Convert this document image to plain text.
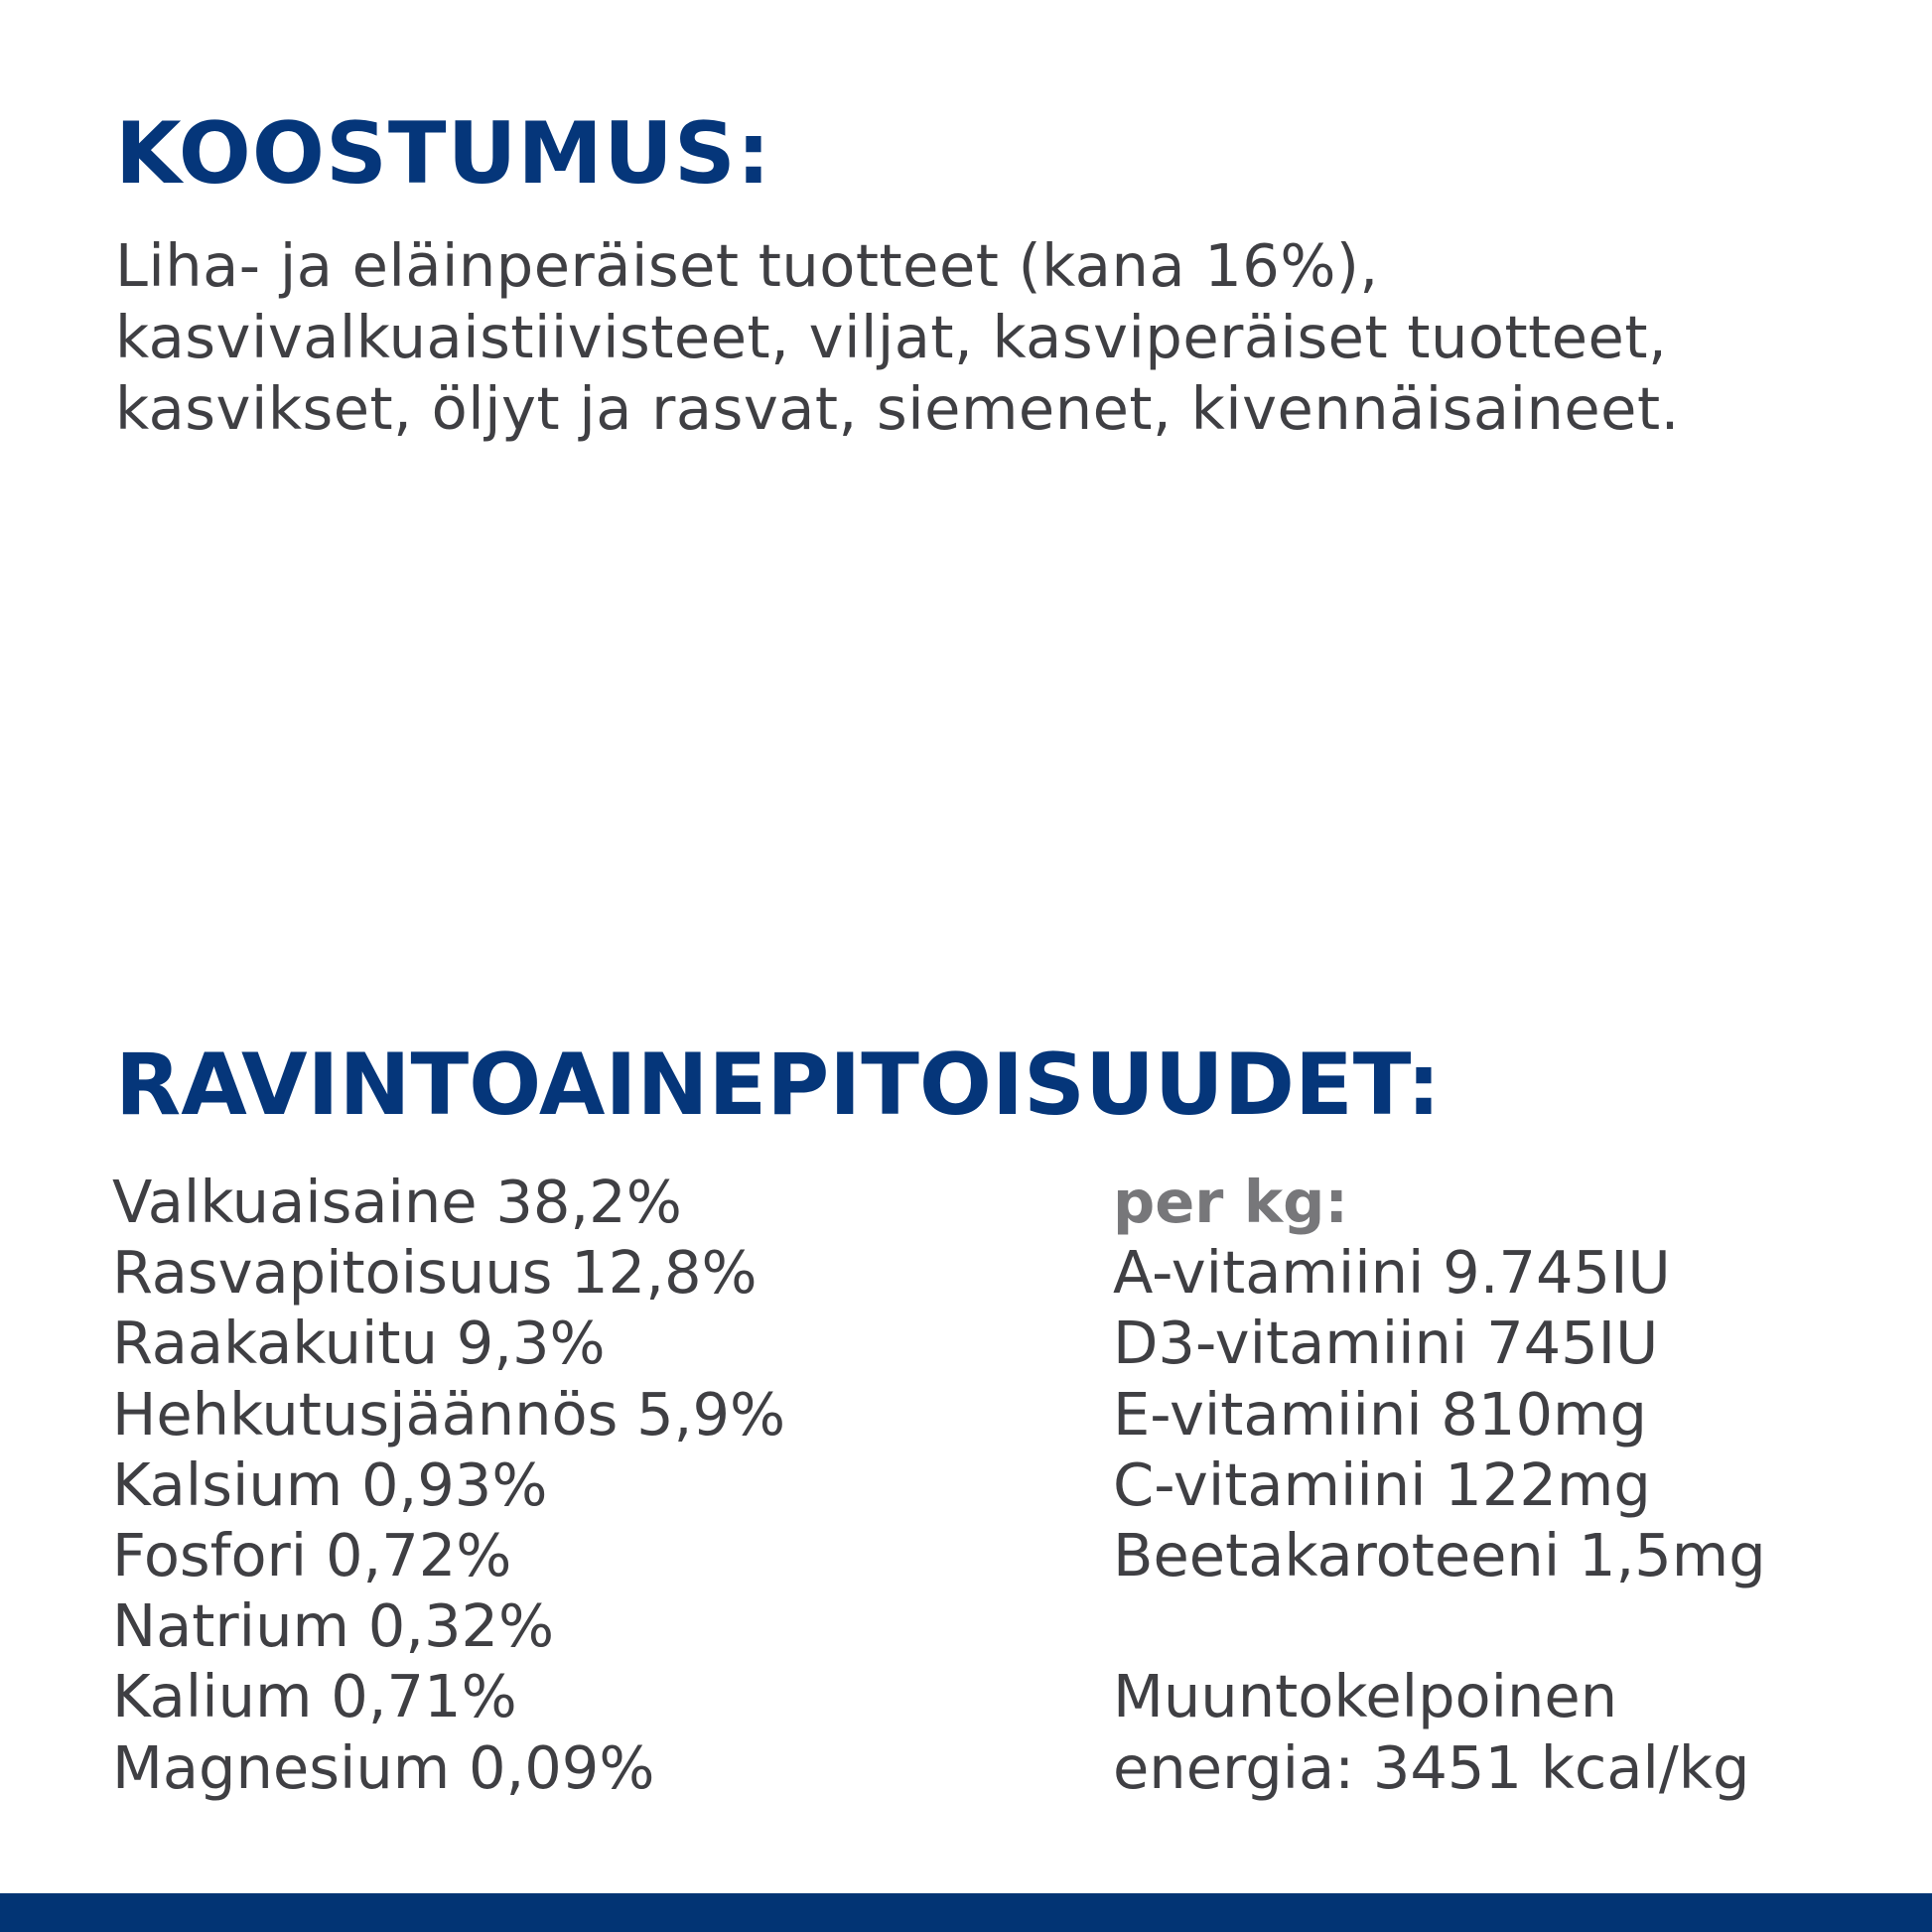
KOOSTUMUS:

Liha- ja eläinperäiset tuotteet (kana 16%),
kasvivalkuaistiivisteet, viljat, kasviperäiset tuotteet,
kasvikset, öljyt ja rasvat, siemenet, kivennäisaineet.

RAVINTOAINEPITOISUUDET:
Valkuaisaine 38,2%
Rasvapitoisuus 12,8%
Raakakuitu 9,3%
Hehkutusjäännös 5,9%
Kalsium 0,93%
Fosfori 0,72%
Natrium 0,32%
Kalium 0,71%
Magnesium 0,09%
per kg:
A-vitamiini 9.745IU
D3-vitamiini 745IU
E-vitamiini 810mg
C-vitamiini 122mg
Beetakaroteeni 1,5mg
Muuntokelpoinen
energia: 3451 kcal/kg
